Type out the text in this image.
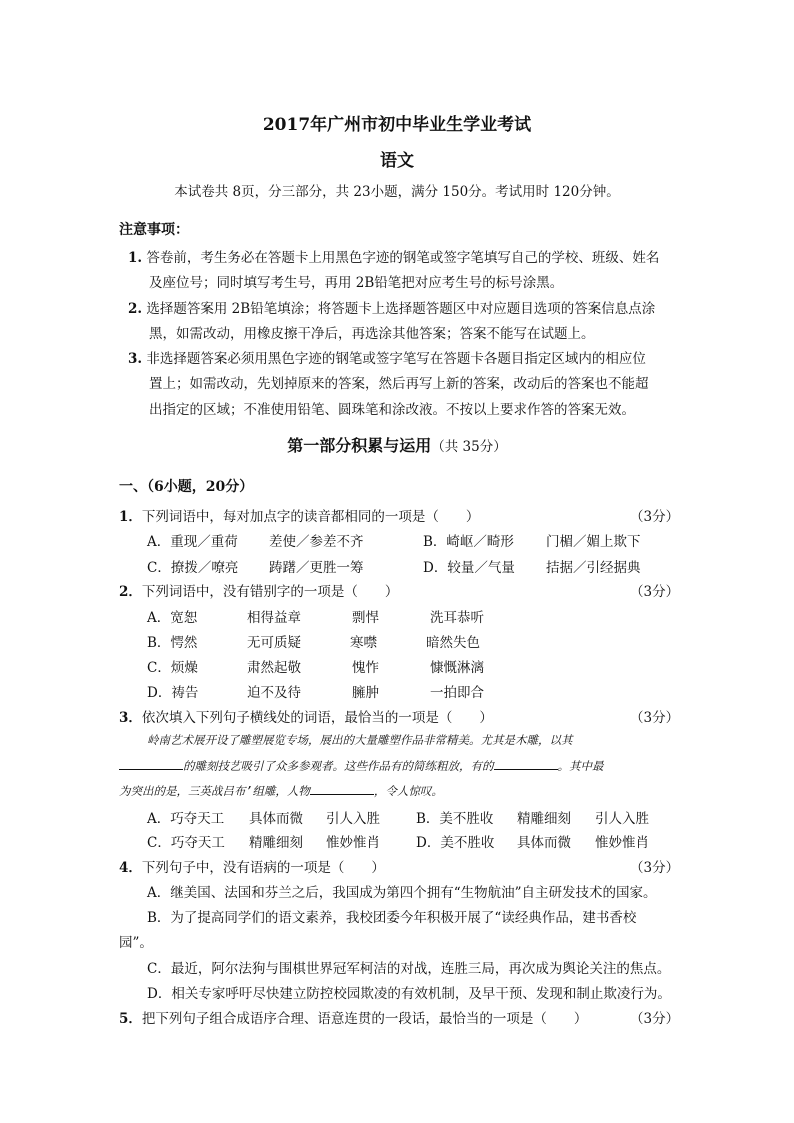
2017年广州市初中毕业生学业考试
语文
本试卷共 8页，分三部分，共 23小题，满分 150分。考试用时 120分钟。
注意事项：
1. 答卷前，考生务必在答题卡上用黑色字迹的钢笔或签字笔填写自己的学校、班级、姓名
及座位号；同时填写考生号，再用 2B铅笔把对应考生号的标号涂黑。
2. 选择题答案用 2B铅笔填涂；将答题卡上选择题答题区中对应题目选项的答案信息点涂
黑，如需改动，用橡皮擦干净后，再选涂其他答案；答案不能写在试题上。
3. 非选择题答案必须用黑色字迹的钢笔或签字笔写在答题卡各题目指定区域内的相应位
置上；如需改动，先划掉原来的答案，然后再写上新的答案，改动后的答案也不能超
出指定的区域；不准使用铅笔、圆珠笔和涂改液。不按以上要求作答的答案无效。
第一部分积累与运用（共 35分）
一、（6小题，20分）
1．下列词语中，每对加点字的读音都相同的一项是（　　）	（3分）
A．重现／重荷 差使／参差不齐	B．崎岖／畸形 门楣／媚上欺下
C．撩拨／嘹亮 踌躇／更胜一筹	D．较量／气量 拮据／引经据典
2．下列词语中，没有错别字的一项是（　　）	（3分）
A．宽恕	相得益章	剽悍	洗耳恭听
B．愕然	无可质疑	寒噤	暗然失色
C．烦燥	肃然起敬	愧怍	慷慨淋漓
D．祷告	迫不及待	臃肿	一拍即合
3．依次填入下列句子横线处的词语，最恰当的一项是（　　）	（3分）
岭南艺术展开设了雕塑展览专场，展出的大量雕塑作品非常精美。尤其是木雕，以其
的雕刻技艺吸引了众多参观者。这些作品有的简练粗放，有的	。其中最
为突出的是，三英战吕布’组雕，人物	，令人惊叹。
A．巧夺天工 具体而微 引人入胜	B．美不胜收 精雕细刻 引人入胜
C．巧夺天工 精雕细刻 惟妙惟肖	D．美不胜收 具体而微 惟妙惟肖
4．下列句子中，没有语病的一项是（　　）	（3分）
A．继美国、法国和芬兰之后，我国成为第四个拥有“生物航油”自主研发技术的国家。
B．为了提高同学们的语文素养，我校团委今年积极开展了“读经典作品，建书香校
园”。
C．最近，阿尔法狗与围棋世界冠军柯洁的对战，连胜三局，再次成为舆论关注的焦点。
D．相关专家呼吁尽快建立防控校园欺凌的有效机制，及早干预、发现和制止欺凌行为。
5．把下列句子组合成语序合理、语意连贯的一段话，最恰当的一项是（　　）	（3分）
